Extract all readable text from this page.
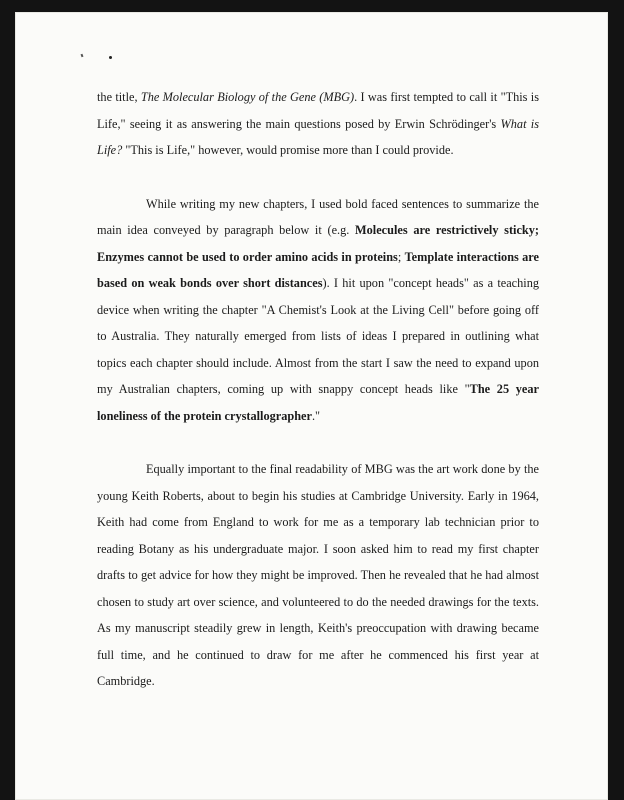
the title, The Molecular Biology of the Gene (MBG). I was first tempted to call it "This is Life," seeing it as answering the main questions posed by Erwin Schrödinger's What is Life? "This is Life," however, would promise more than I could provide.

While writing my new chapters, I used bold faced sentences to summarize the main idea conveyed by paragraph below it (e.g. Molecules are restrictively sticky; Enzymes cannot be used to order amino acids in proteins; Template interactions are based on weak bonds over short distances). I hit upon "concept heads" as a teaching device when writing the chapter "A Chemist's Look at the Living Cell" before going off to Australia. They naturally emerged from lists of ideas I prepared in outlining what topics each chapter should include. Almost from the start I saw the need to expand upon my Australian chapters, coming up with snappy concept heads like "The 25 year loneliness of the protein crystallographer."

Equally important to the final readability of MBG was the art work done by the young Keith Roberts, about to begin his studies at Cambridge University. Early in 1964, Keith had come from England to work for me as a temporary lab technician prior to reading Botany as his undergraduate major. I soon asked him to read my first chapter drafts to get advice for how they might be improved. Then he revealed that he had almost chosen to study art over science, and volunteered to do the needed drawings for the texts. As my manuscript steadily grew in length, Keith's preoccupation with drawing became full time, and he continued to draw for me after he commenced his first year at Cambridge.
